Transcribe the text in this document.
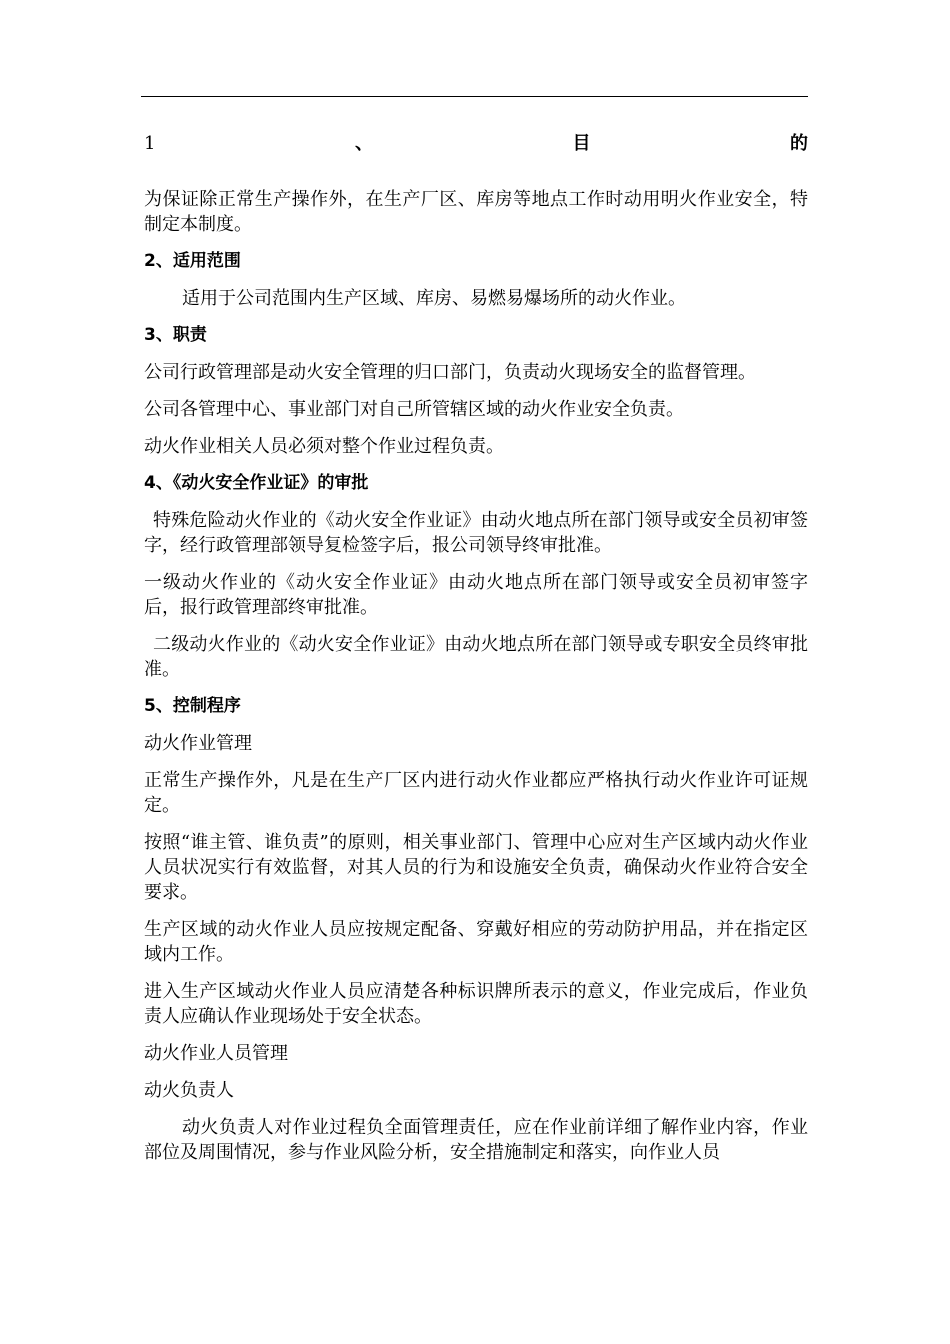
1	、	目	的
为保证除正常生产操作外，在生产厂区、库房等地点工作时动用明火作业安全，特制定本制度。
2、适用范围
适用于公司范围内生产区域、库房、易燃易爆场所的动火作业。
3、职责
公司行政管理部是动火安全管理的归口部门，负责动火现场安全的监督管理。
公司各管理中心、事业部门对自己所管辖区域的动火作业安全负责。
动火作业相关人员必须对整个作业过程负责。
4、《动火安全作业证》的审批
特殊危险动火作业的《动火安全作业证》由动火地点所在部门领导或安全员初审签字，经行政管理部领导复检签字后，报公司领导终审批准。
一级动火作业的《动火安全作业证》由动火地点所在部门领导或安全员初审签字后，报行政管理部终审批准。
二级动火作业的《动火安全作业证》由动火地点所在部门领导或专职安全员终审批准。
5、控制程序
动火作业管理
正常生产操作外，凡是在生产厂区内进行动火作业都应严格执行动火作业许可证规定。
按照“谁主管、谁负责”的原则，相关事业部门、管理中心应对生产区域内动火作业人员状况实行有效监督，对其人员的行为和设施安全负责，确保动火作业符合安全要求。
生产区域的动火作业人员应按规定配备、穿戴好相应的劳动防护用品，并在指定区域内工作。
进入生产区域动火作业人员应清楚各种标识牌所表示的意义，作业完成后，作业负责人应确认作业现场处于安全状态。
动火作业人员管理
动火负责人
动火负责人对作业过程负全面管理责任，应在作业前详细了解作业内容，作业部位及周围情况，参与作业风险分析，安全措施制定和落实，向作业人员
